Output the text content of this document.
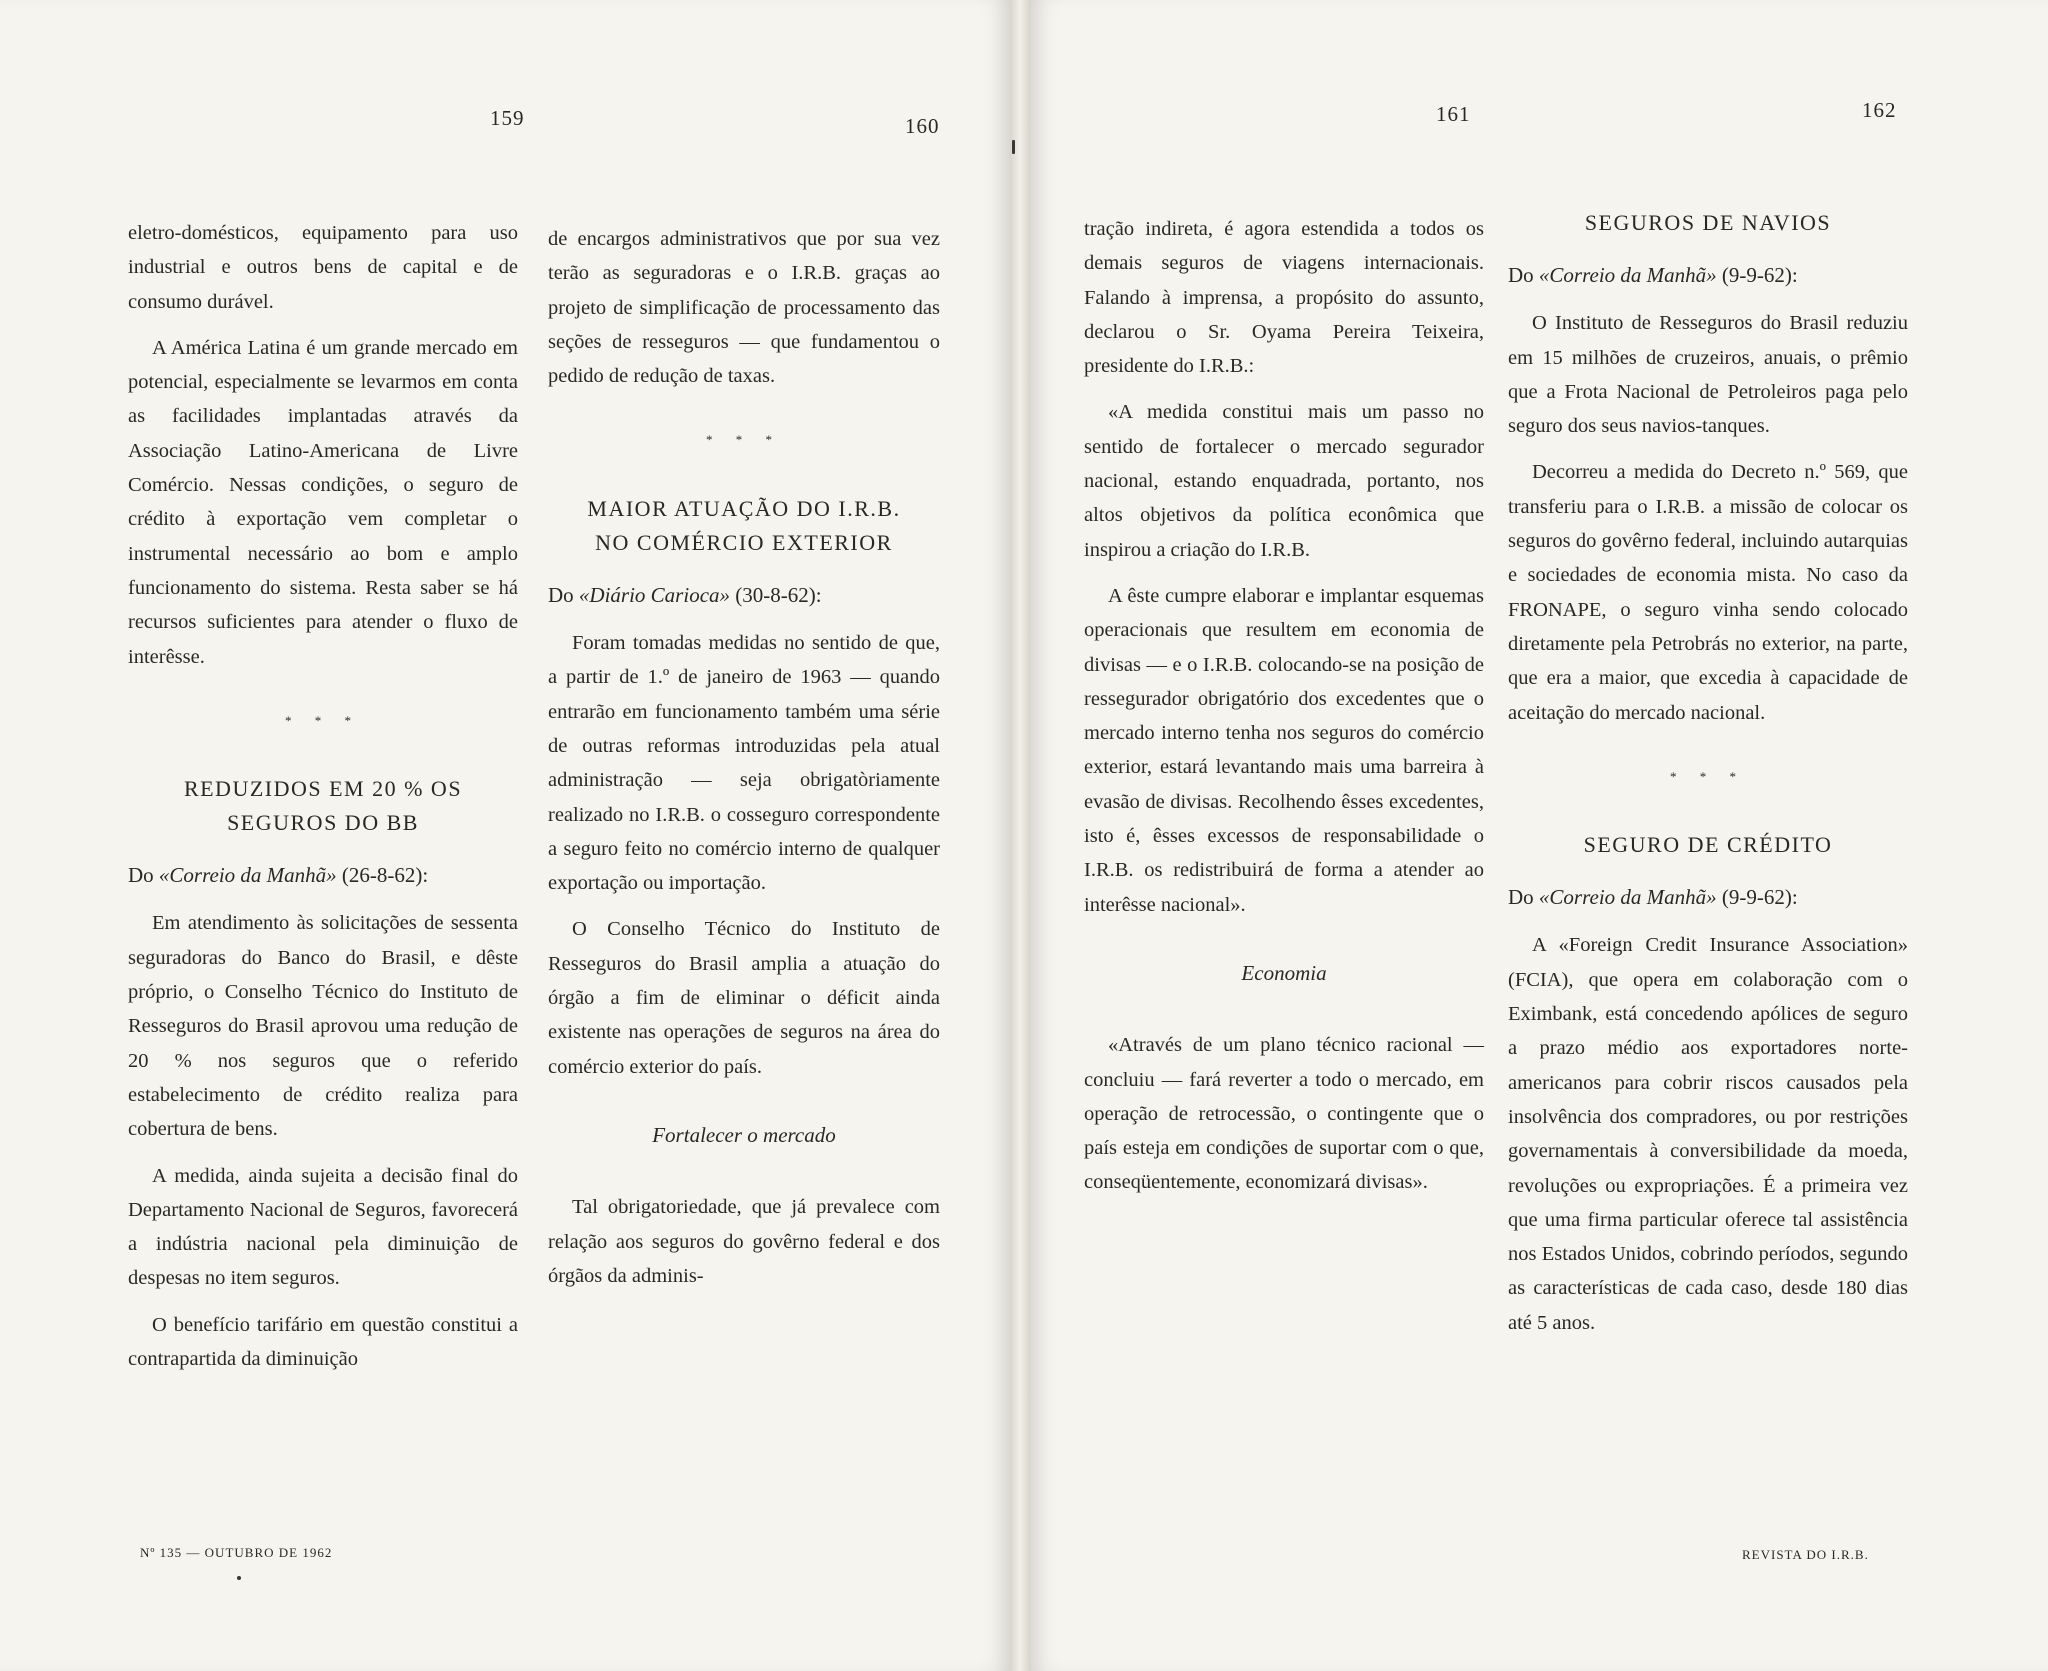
159	160	161	162

eletro-domésticos, equipamento para uso industrial e outros bens de capital e de consumo durável.

A América Latina é um grande mercado em potencial, especialmente se levarmos em conta as facilidades implantadas através da Associação Latino-Americana de Livre Comércio. Nessas condições, o seguro de crédito à exportação vem completar o instrumental necessário ao bom e amplo funcionamento do sistema. Resta saber se há recursos suficientes para atender o fluxo de interêsse.

* * *
REDUZIDOS EM 20 % OS
SEGUROS DO BB
Do «Correio da Manhã» (26-8-62):

Em atendimento às solicitações de sessenta seguradoras do Banco do Brasil, e dêste próprio, o Conselho Técnico do Instituto de Resseguros do Brasil aprovou uma redução de 20 % nos seguros que o referido estabelecimento de crédito realiza para cobertura de bens.

A medida, ainda sujeita a decisão final do Departamento Nacional de Seguros, favorecerá a indústria nacional pela diminuição de despesas no item seguros.

O benefício tarifário em questão constitui a contrapartida da diminuição

de encargos administrativos que por sua vez terão as seguradoras e o I.R.B. graças ao projeto de simplificação de processamento das seções de resseguros — que fundamentou o pedido de redução de taxas.

* * *
MAIOR ATUAÇÃO DO I.R.B.
NO COMÉRCIO EXTERIOR
Do «Diário Carioca» (30-8-62):

Foram tomadas medidas no sentido de que, a partir de 1.º de janeiro de 1963 — quando entrarão em funcionamento também uma série de outras reformas introduzidas pela atual administração — seja obrigatòriamente realizado no I.R.B. o cosseguro correspondente a seguro feito no comércio interno de qualquer exportação ou importação.

O Conselho Técnico do Instituto de Resseguros do Brasil amplia a atuação do órgão a fim de eliminar o déficit ainda existente nas operações de seguros na área do comércio exterior do país.

Fortalecer o mercado

Tal obrigatoriedade, que já prevalece com relação aos seguros do govêrno federal e dos órgãos da adminis-

tração indireta, é agora estendida a todos os demais seguros de viagens internacionais. Falando à imprensa, a propósito do assunto, declarou o Sr. Oyama Pereira Teixeira, presidente do I.R.B.:

«A medida constitui mais um passo no sentido de fortalecer o mercado segurador nacional, estando enquadrada, portanto, nos altos objetivos da política econômica que inspirou a criação do I.R.B.

A êste cumpre elaborar e implantar esquemas operacionais que resultem em economia de divisas — e o I.R.B. colocando-se na posição de ressegurador obrigatório dos excedentes que o mercado interno tenha nos seguros do comércio exterior, estará levantando mais uma barreira à evasão de divisas. Recolhendo êsses excedentes, isto é, êsses excessos de responsabilidade o I.R.B. os redistribuirá de forma a atender ao interêsse nacional».

Economia

«Através de um plano técnico racional — concluiu — fará reverter a todo o mercado, em operação de retrocessão, o contingente que o país esteja em condições de suportar com o que, conseqüentemente, economizará divisas».

SEGUROS DE NAVIOS
Do «Correio da Manhã» (9-9-62):

O Instituto de Resseguros do Brasil reduziu em 15 milhões de cruzeiros, anuais, o prêmio que a Frota Nacional de Petroleiros paga pelo seguro dos seus navios-tanques.

Decorreu a medida do Decreto n.º 569, que transferiu para o I.R.B. a missão de colocar os seguros do govêrno federal, incluindo autarquias e sociedades de economia mista. No caso da FRONAPE, o seguro vinha sendo colocado diretamente pela Petrobrás no exterior, na parte, que era a maior, que excedia à capacidade de aceitação do mercado nacional.

* * *
SEGURO DE CRÉDITO
Do «Correio da Manhã» (9-9-62):

A «Foreign Credit Insurance Association» (FCIA), que opera em colaboração com o Eximbank, está concedendo apólices de seguro a prazo médio aos exportadores norte-americanos para cobrir riscos causados pela insolvência dos compradores, ou por restrições governamentais à conversibilidade da moeda, revoluções ou expropriações. É a primeira vez que uma firma particular oferece tal assistência nos Estados Unidos, cobrindo períodos, segundo as características de cada caso, desde 180 dias até 5 anos.

Nº 135 — OUTUBRO DE 1962	REVISTA DO I.R.B.
